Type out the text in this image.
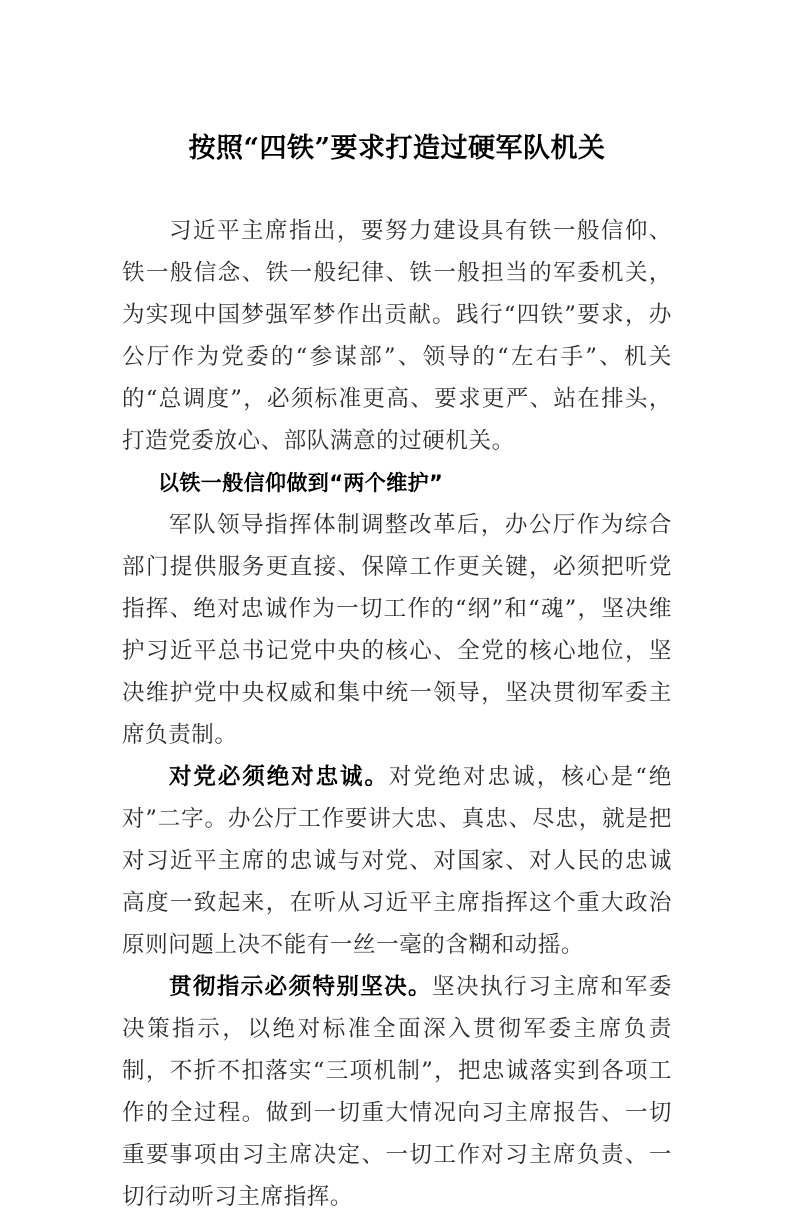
按照“四铁”要求打造过硬军队机关

习近平主席指出，要努力建设具有铁一般信仰、铁一般信念、铁一般纪律、铁一般担当的军委机关，为实现中国梦强军梦作出贡献。践行“四铁”要求，办公厅作为党委的“参谋部”、领导的“左右手”、机关的“总调度”，必须标准更高、要求更严、站在排头，打造党委放心、部队满意的过硬机关。

以铁一般信仰做到“两个维护”

军队领导指挥体制调整改革后，办公厅作为综合部门提供服务更直接、保障工作更关键，必须把听党指挥、绝对忠诚作为一切工作的“纲”和“魂”，坚决维护习近平总书记党中央的核心、全党的核心地位，坚决维护党中央权威和集中统一领导，坚决贯彻军委主席负责制。

对党必须绝对忠诚。对党绝对忠诚，核心是“绝对”二字。办公厅工作要讲大忠、真忠、尽忠，就是把对习近平主席的忠诚与对党、对国家、对人民的忠诚高度一致起来，在听从习近平主席指挥这个重大政治原则问题上决不能有一丝一毫的含糊和动摇。

贯彻指示必须特别坚决。坚决执行习主席和军委决策指示，以绝对标准全面深入贯彻军委主席负责制，不折不扣落实“三项机制”，把忠诚落实到各项工作的全过程。做到一切重大情况向习主席报告、一切重要事项由习主席决定、一切工作对习主席负责、一切行动听习主席指挥。
